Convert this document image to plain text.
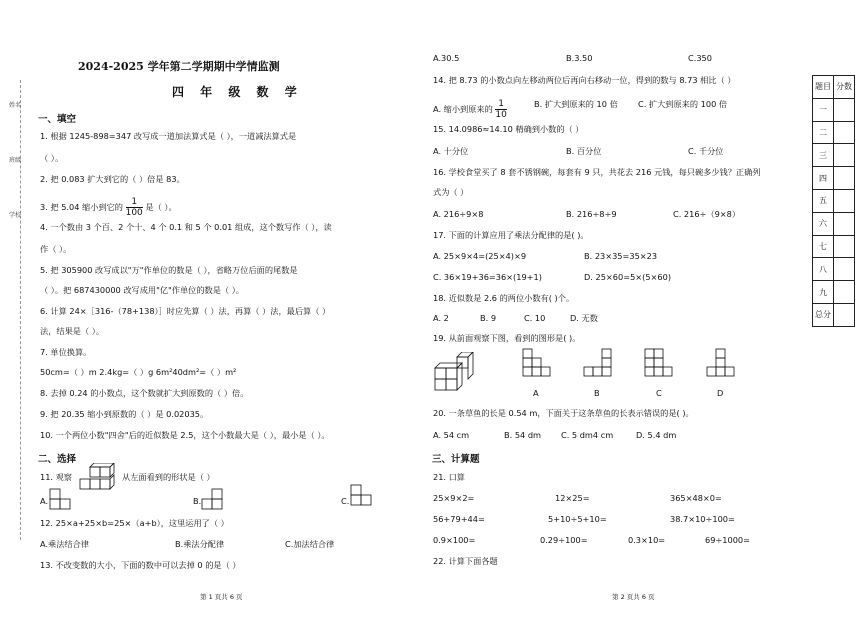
姓名
班级
学校
2024-2025 学年第二学期期中学情监测
四 年 级 数 学
一、填空
1. 根据 1245-898=347 改写成一道加法算式是（ ），一道减法算式是
（ ）。
2. 把 0.083 扩大到它的（ ）倍是 83。
3. 把 5.04 缩小到它的 $\frac{1}{100}$ 是（ ）。
4. 一个数由 3 个百、2 个十、4 个 0.1 和 5 个 0.01 组成，这个数写作（ ），读
作（ ）。
5. 把 305900 改写成以"万"作单位的数是（ ），省略万位后面的尾数是
（ ）。把 687430000 改写成用"亿"作单位的数是（ ）。
6. 计算 24×［316-（78+138）］时应先算（ ）法，再算（ ）法，最后算（ ）
法，结果是（ ）。
7. 单位换算。
50cm=（ ）m 2.4kg=（ ）g 6m²40dm²=（ ）m²
8. 去掉 0.24 的小数点，这个数就扩大到原数的（ ）倍。
9. 把 20.35 缩小到原数的（ ）是 0.02035。
10. 一个两位小数"四舍"后的近似数是 2.5，这个小数最大是（ ），最小是（ ）。
二、选择
11. 观察	从左面看到的形状是（ ）
A.	B.	C.
12. 25×a+25×b=25×（a+b），这里运用了（ ）
A.乘法结合律	B.乘法分配律	C.加法结合律
13. 不改变数的大小，下面的数中可以去掉 0 的是（ ）
第 1 页共 6 页
A.30.5	B.3.50	C.350
14. 把 8.73 的小数点向左移动两位后再向右移动一位，得到的数与 8.73 相比（ ）
A. 缩小到原来的 $\frac{1}{10}$	B. 扩大到原来的 10 倍 C. 扩大到原来的 100 倍
15. 14.0986≈14.10 精确到小数的（ ）
A. 十分位	B. 百分位	C. 千分位
16. 学校食堂买了 8 套不锈钢碗，每套有 9 只，共花去 216 元钱，每只碗多少钱？正确列
式为（ ）
A. 216÷9×8	B. 216÷8÷9	C. 216÷（9×8）
17. 下面的计算应用了乘法分配律的是( )。
A. 25×9×4=(25×4)×9	B. 23×35=35×23
C. 36×19+36=36×(19+1)	D. 25×60=5×(5×60)
18. 近似数是 2.6 的两位小数有( )个。
A. 2	B. 9	C. 10	D. 无数
19. 从前面观察下图，看到的图形是( )。
A	B	C	D
20. 一条草鱼的长是 0.54 m，下面关于这条草鱼的长表示错误的是( )。
A. 54 cm	B. 54 dm C. 5 dm4 cm	D. 5.4 dm
三、计算题
21. 口算
25×9×2=	12×25=	365×48×0=
56+79+44=	5+10÷5+10=	38.7×10÷100=
0.9×100=	0.29÷100=	0.3×10=	69÷1000=
22. 计算下面各题
第 2 页共 6 页
题目	分数
一	
二	
三	
四	
五	
六	
七	
八	
九	
总分	
